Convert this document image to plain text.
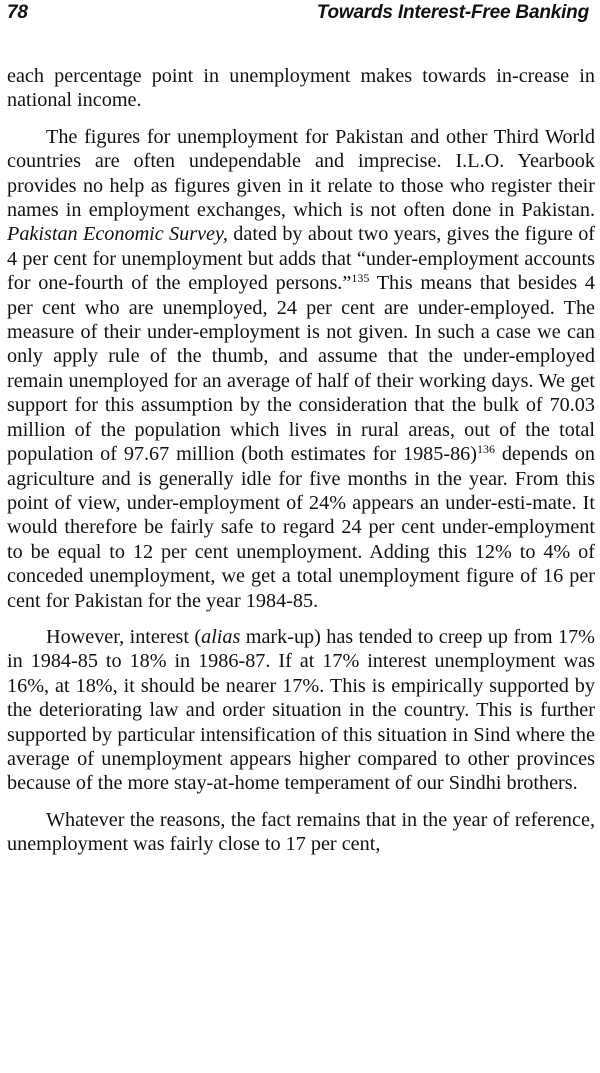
78	Towards Interest-Free Banking

each percentage point in unemployment makes towards in-crease in national income.

The figures for unemployment for Pakistan and other Third World countries are often undependable and imprecise. I.L.O. Yearbook provides no help as figures given in it relate to those who register their names in employment exchanges, which is not often done in Pakistan. Pakistan Economic Survey, dated by about two years, gives the figure of 4 per cent for unemployment but adds that “under-employment accounts for one-fourth of the employed persons.”$^{135}$ This means that besides 4 per cent who are unemployed, 24 per cent are under-employed. The measure of their under-employment is not given. In such a case we can only apply rule of the thumb, and assume that the under-employed remain unemployed for an average of half of their working days. We get support for this assumption by the consideration that the bulk of 70.03 million of the population which lives in rural areas, out of the total population of 97.67 million (both estimates for 1985-86)$^{136}$ depends on agriculture and is generally idle for five months in the year. From this point of view, under-employment of 24% appears an under-esti-mate. It would therefore be fairly safe to regard 24 per cent under-employment to be equal to 12 per cent unemployment. Adding this 12% to 4% of conceded unemployment, we get a total unemployment figure of 16 per cent for Pakistan for the year 1984-85.

However, interest (alias mark-up) has tended to creep up from 17% in 1984-85 to 18% in 1986-87. If at 17% interest unemployment was 16%, at 18%, it should be nearer 17%. This is empirically supported by the deteriorating law and order situation in the country. This is further supported by particular intensification of this situation in Sind where the average of unemployment appears higher compared to other provinces because of the more stay-at-home temperament of our Sindhi brothers.

Whatever the reasons, the fact remains that in the year of reference, unemployment was fairly close to 17 per cent,
